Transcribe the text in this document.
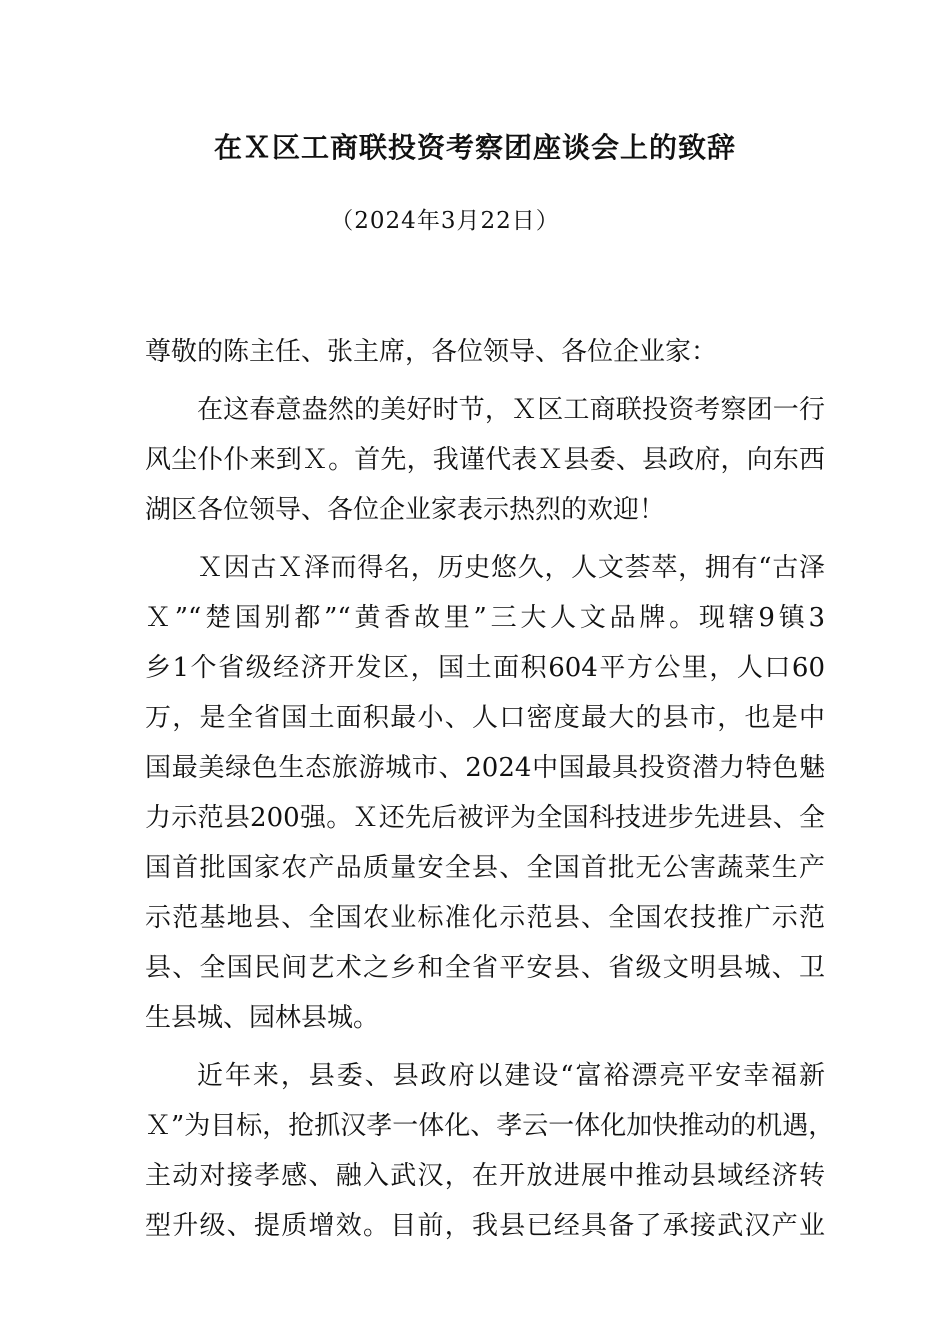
在Ｘ区工商联投资考察团座谈会上的致辞
（2024年3月22日）
尊敬的陈主任、张主席，各位领导、各位企业家：
在这春意盎然的美好时节，Ｘ区工商联投资考察团一行
风尘仆仆来到Ｘ。首先，我谨代表Ｘ县委、县政府，向东西
湖区各位领导、各位企业家表示热烈的欢迎！
Ｘ因古Ｘ泽而得名，历史悠久，人文荟萃，拥有“古泽
Ｘ”“楚国别都”“黄香故里”三大人文品牌。现辖9镇3
乡1个省级经济开发区，国土面积604平方公里，人口60
万，是全省国土面积最小、人口密度最大的县市，也是中
国最美绿色生态旅游城市、2024中国最具投资潜力特色魅
力示范县200强。Ｘ还先后被评为全国科技进步先进县、全
国首批国家农产品质量安全县、全国首批无公害蔬菜生产
示范基地县、全国农业标准化示范县、全国农技推广示范
县、全国民间艺术之乡和全省平安县、省级文明县城、卫
生县城、园林县城。
近年来，县委、县政府以建设“富裕漂亮平安幸福新
Ｘ”为目标，抢抓汉孝一体化、孝云一体化加快推动的机遇，
主动对接孝感、融入武汉，在开放进展中推动县域经济转
型升级、提质增效。目前，我县已经具备了承接武汉产业
